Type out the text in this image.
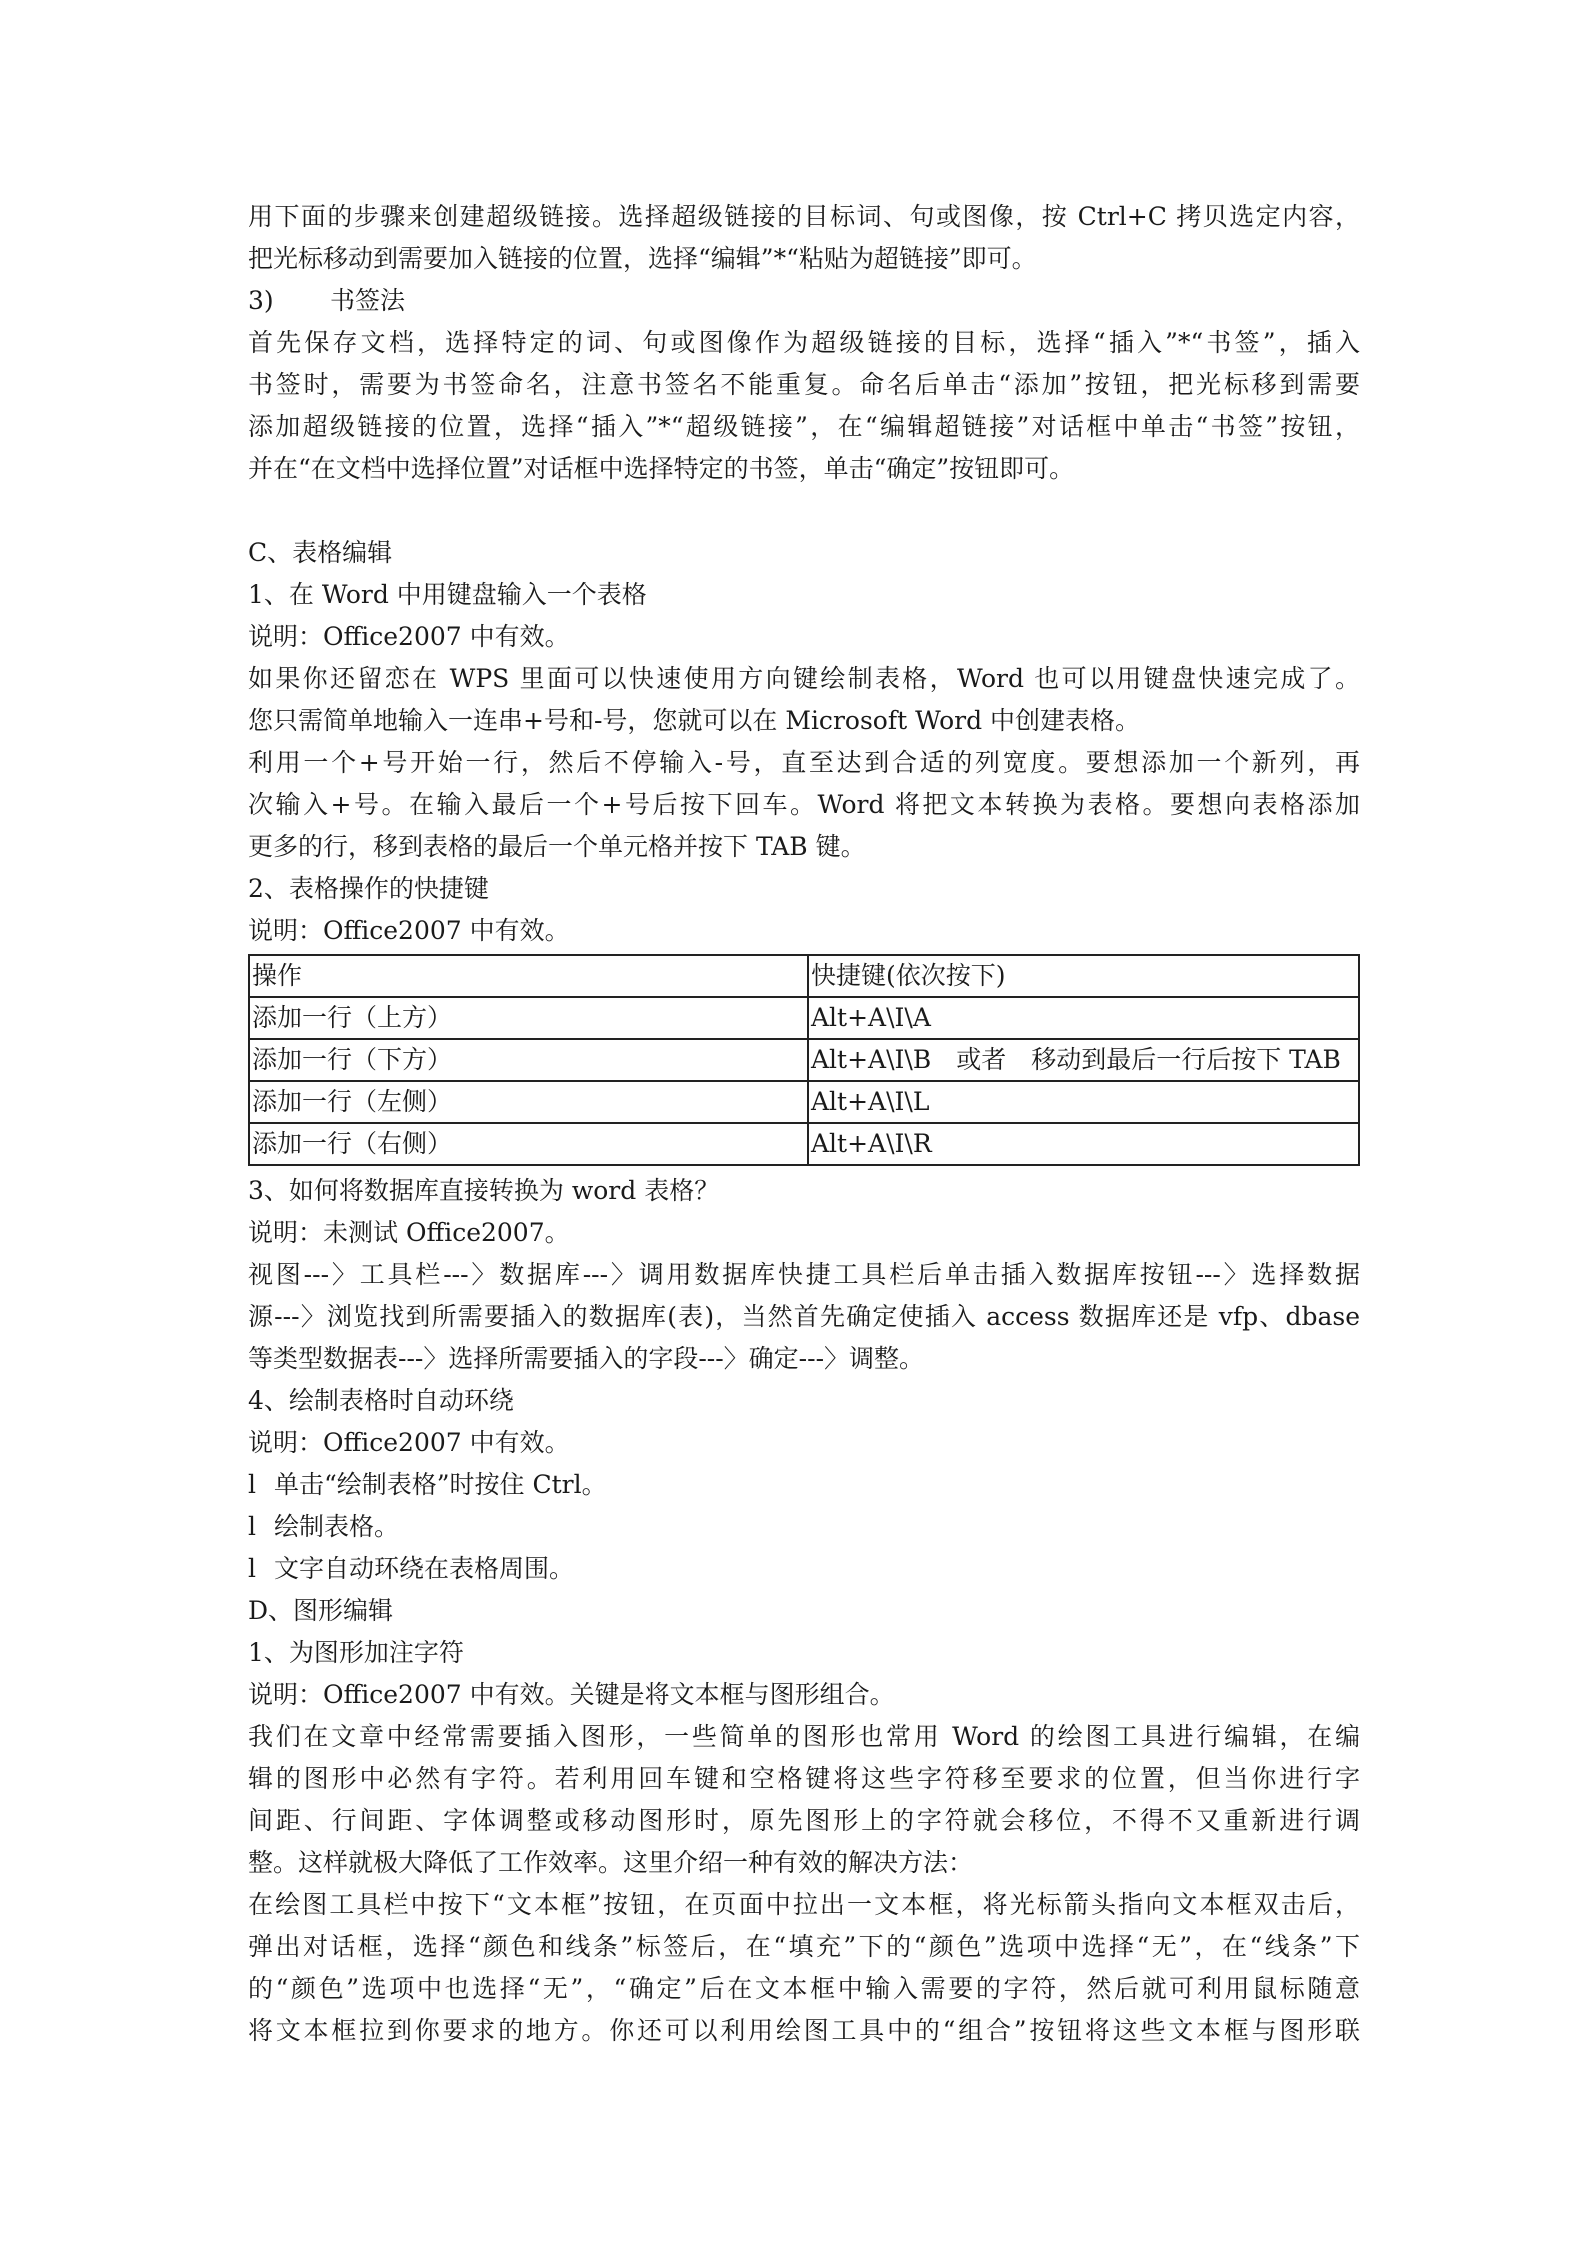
用下面的步骤来创建超级链接。选择超级链接的目标词、句或图像，按 Ctrl+C 拷贝选定内容，
把光标移动到需要加入链接的位置，选择“编辑”*“粘贴为超链接”即可。
3)	书签法
首先保存文档，选择特定的词、句或图像作为超级链接的目标，选择“插入”*“书签”，插入
书签时，需要为书签命名，注意书签名不能重复。命名后单击“添加”按钮，把光标移到需要
添加超级链接的位置，选择“插入”*“超级链接”，在“编辑超链接”对话框中单击“书签”按钮，
并在“在文档中选择位置”对话框中选择特定的书签，单击“确定”按钮即可。
C、表格编辑
1、在 Word 中用键盘输入一个表格
说明：Office2007 中有效。
如果你还留恋在 WPS 里面可以快速使用方向键绘制表格，Word 也可以用键盘快速完成了。
您只需简单地输入一连串+号和-号，您就可以在 Microsoft Word 中创建表格。
利用一个+号开始一行，然后不停输入-号，直至达到合适的列宽度。要想添加一个新列，再
次输入+号。在输入最后一个+号后按下回车。Word 将把文本转换为表格。要想向表格添加
更多的行，移到表格的最后一个单元格并按下 TAB 键。
2、表格操作的快捷键
说明：Office2007 中有效。
操作	快捷键(依次按下)
添加一行（上方）	Alt+A\I\A
添加一行（下方）	Alt+A\I\B　或者　移动到最后一行后按下 TAB
添加一行（左侧）	Alt+A\I\L
添加一行（右侧）	Alt+A\I\R
3、如何将数据库直接转换为 word 表格？
说明：未测试 Office2007。
视图---〉工具栏---〉数据库---〉调用数据库快捷工具栏后单击插入数据库按钮---〉选择数据
源---〉浏览找到所需要插入的数据库(表)，当然首先确定使插入 access 数据库还是 vfp、dbase
等类型数据表---〉选择所需要插入的字段---〉确定---〉调整。
4、绘制表格时自动环绕
说明：Office2007 中有效。
l 单击“绘制表格”时按住 Ctrl。
l 绘制表格。
l 文字自动环绕在表格周围。
D、图形编辑
1、为图形加注字符
说明：Office2007 中有效。关键是将文本框与图形组合。
我们在文章中经常需要插入图形，一些简单的图形也常用 Word 的绘图工具进行编辑，在编
辑的图形中必然有字符。若利用回车键和空格键将这些字符移至要求的位置，但当你进行字
间距、行间距、字体调整或移动图形时，原先图形上的字符就会移位，不得不又重新进行调
整。这样就极大降低了工作效率。这里介绍一种有效的解决方法：
在绘图工具栏中按下“文本框”按钮，在页面中拉出一文本框，将光标箭头指向文本框双击后，
弹出对话框，选择“颜色和线条”标签后，在“填充”下的“颜色”选项中选择“无”，在“线条”下
的“颜色”选项中也选择“无”，“确定”后在文本框中输入需要的字符，然后就可利用鼠标随意
将文本框拉到你要求的地方。你还可以利用绘图工具中的“组合”按钮将这些文本框与图形联
